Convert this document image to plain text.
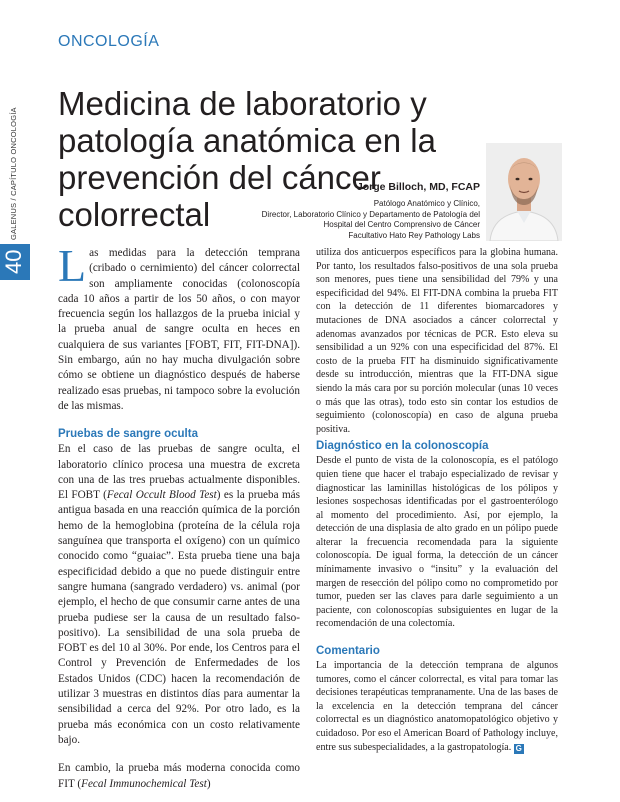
GALENUS / CAPÍTULO ONCOLOGÍA
40
ONCOLOGÍA
Medicina de laboratorio y patología anatómica en la prevención del cáncer colorrectal
Jorge Billoch, MD, FCAP
Patólogo Anatómico y Clínico,
Director, Laboratorio Clínico y Departamento de Patología del
Hospital del Centro Comprensivo de Cáncer
Facultativo Hato Rey Pathology Labs

Las medidas para la detección temprana (cribado o cernimiento) del cáncer colorrectal son ampliamente conocidas (colonoscopía cada 10 años a partir de los 50 años, o con mayor frecuencia según los hallazgos de la prueba inicial y la prueba anual de sangre oculta en heces en cualquiera de sus variantes [FOBT, FIT, FIT-DNA]). Sin embargo, aún no hay mucha divulgación sobre cómo se obtiene un diagnóstico después de haberse realizado esas pruebas, ni tampoco sobre la evolución de las mismas.

Pruebas de sangre oculta

En el caso de las pruebas de sangre oculta, el laboratorio clínico procesa una muestra de excreta con una de las tres pruebas actualmente disponibles. El FOBT (Fecal Occult Blood Test) es la prueba más antigua basada en una reacción química de la porción hemo de la hemoglobina (proteína de la célula roja sanguínea que transporta el oxígeno) con un químico conocido como “guaiac”. Esta prueba tiene una baja especificidad debido a que no puede distinguir entre sangre humana (sangrado verdadero) vs. animal (por ejemplo, el hecho de que consumir carne antes de una prueba pudiese ser la causa de un resultado falso-positivo). La sensibilidad de una sola prueba de FOBT es del 10 al 30%. Por ende, los Centros para el Control y Prevención de Enfermedades de los Estados Unidos (CDC) hacen la recomendación de utilizar 3 muestras en distintos días para aumentar la sensibilidad a cerca del 92%. Por otro lado, es la prueba más económica con un costo relativamente bajo.

En cambio, la prueba más moderna conocida como FIT (Fecal Immunochemical Test)

utiliza dos anticuerpos específicos para la globina humana. Por tanto, los resultados falso-positivos de una sola prueba son menores, pues tiene una sensibilidad del 79% y una especificidad del 94%. El FIT-DNA combina la prueba FIT con la detección de 11 diferentes biomarcadores y mutaciones de DNA asociados a cáncer colorrectal y adenomas avanzados por técnicas de PCR. Esto eleva su sensibilidad a un 92% con una especificidad del 87%. El costo de la prueba FIT ha disminuido significativamente desde su introducción, mientras que la FIT-DNA sigue siendo la más cara por su porción molecular (unas 10 veces o más que las otras), todo esto sin contar los estudios de seguimiento (colonoscopía) en caso de alguna prueba positiva.

Diagnóstico en la colonoscopía

Desde el punto de vista de la colonoscopía, es el patólogo quien tiene que hacer el trabajo especializado de revisar y diagnosticar las laminillas histológicas de los pólipos y lesiones sospechosas identificadas por el gastroenterólogo al momento del procedimiento. Así, por ejemplo, la detección de una displasia de alto grado en un pólipo puede alterar la frecuencia recomendada para la siguiente colonoscopía. De igual forma, la detección de un cáncer mínimamente invasivo o “insitu” y la evaluación del margen de resección del pólipo como no comprometido por tumor, pueden ser las claves para darle seguimiento a un paciente, con colonoscopías subsiguientes en lugar de la recomendación de una colectomía.

Comentario

La importancia de la detección temprana de algunos tumores, como el cáncer colorrectal, es vital para tomar las decisiones terapéuticas tempranamente. Una de las bases de la excelencia en la detección temprana del cáncer colorrectal es un diagnóstico anatomopatológico objetivo y cuidadoso. Por eso el American Board of Pathology incluye, entre sus subespecialidades, a la gastropatología. G
